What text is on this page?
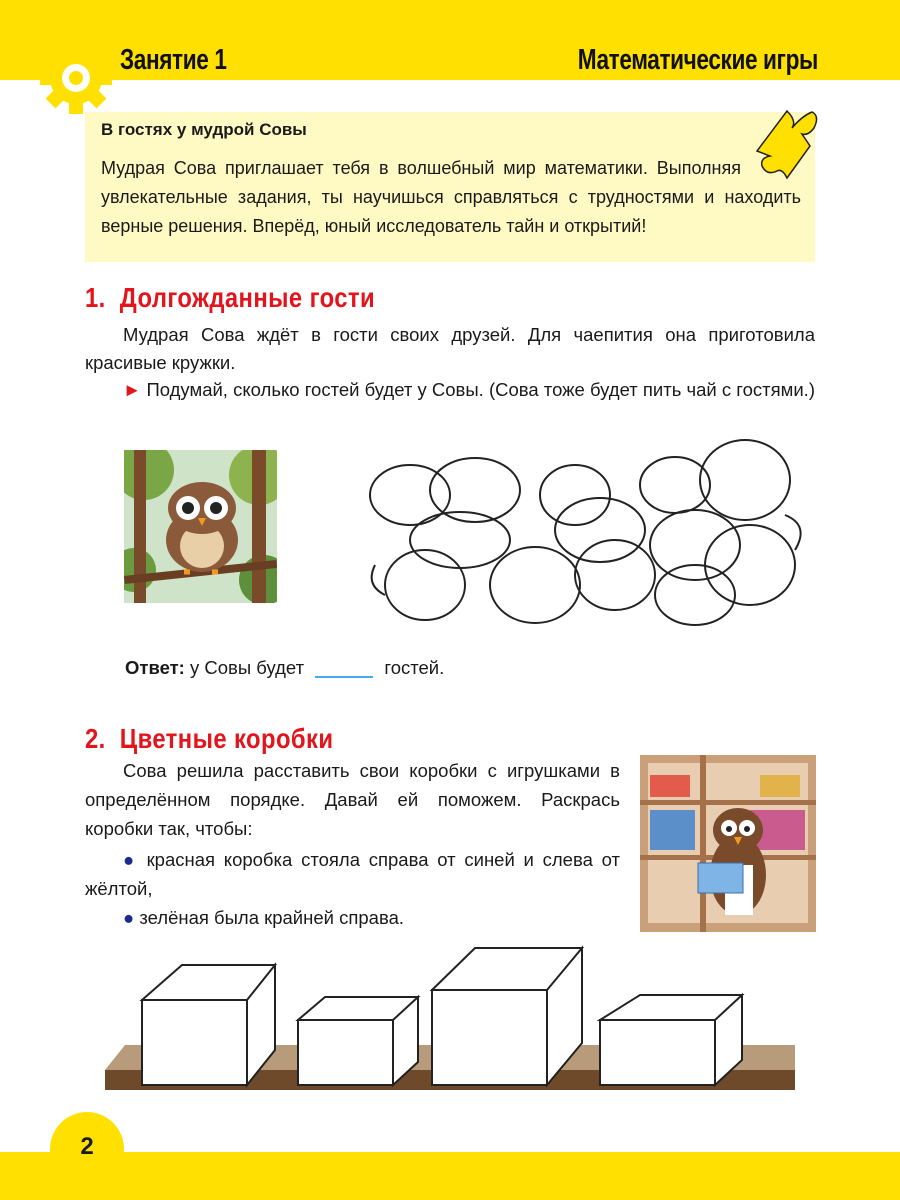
Занятие 1	Математические игры
В гостях у мудрой Совы
Мудрая Сова приглашает тебя в волшебный мир математики. Выполняя увлекательные задания, ты научишься справляться с трудностями и находить верные решения. Вперёд, юный исследователь тайн и открытий!
1. Долгожданные гости

Мудрая Сова ждёт в гости своих друзей. Для чаепития она приготовила красивые кружки.

► Подумай, сколько гостей будет у Совы. (Сова тоже будет пить чай с гостями.)

Ответ: у Совы будет	гостей.
2. Цветные коробки

Сова решила расставить свои коробки с игрушками в определённом порядке. Давай ей поможем. Раскрась коробки так, чтобы:

● красная коробка стояла справа от синей и слева от жёлтой,

● зелёная была крайней справа.

2
